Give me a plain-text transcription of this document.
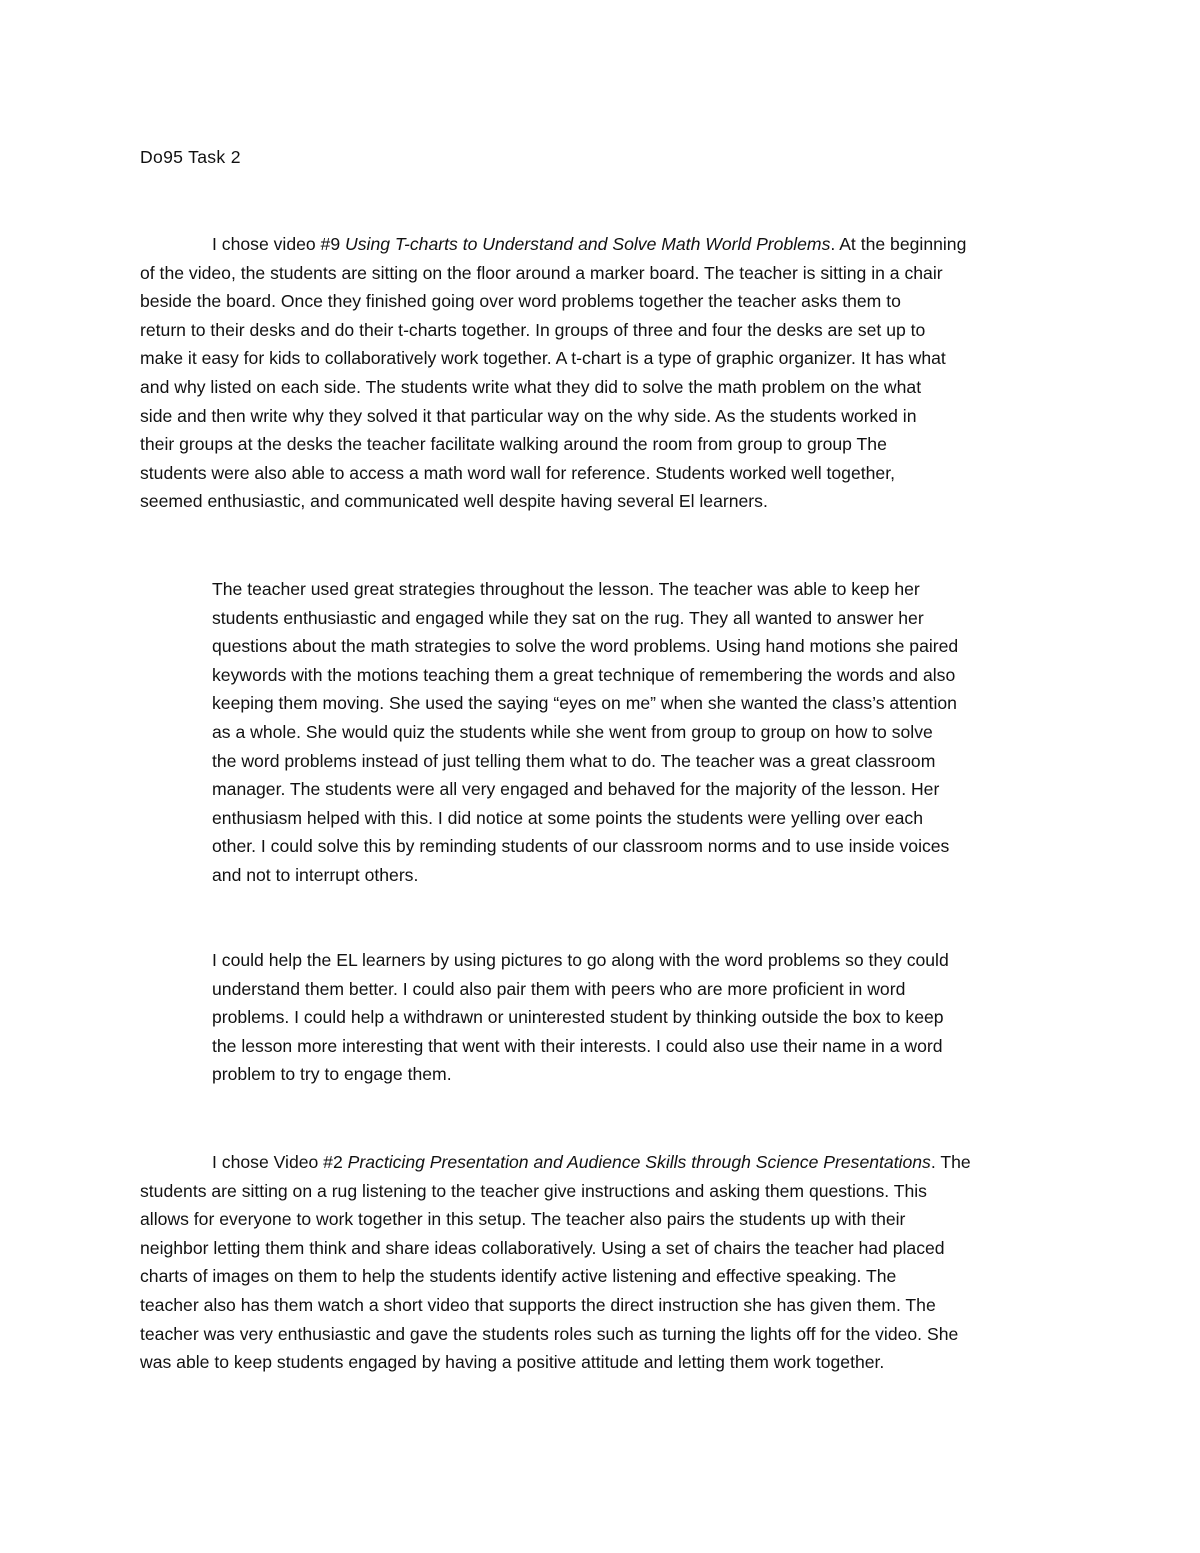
Do95 Task 2
I chose video #9 Using T-charts to Understand and Solve Math World Problems. At the beginning
of the video, the students are sitting on the floor around a marker board. The teacher is sitting in a chair
beside the board. Once they finished going over word problems together the teacher asks them to
return to their desks and do their t-charts together. In groups of three and four the desks are set up to
make it easy for kids to collaboratively work together. A t-chart is a type of graphic organizer. It has what
and why listed on each side. The students write what they did to solve the math problem on the what
side and then write why they solved it that particular way on the why side. As the students worked in
their groups at the desks the teacher facilitate walking around the room from group to group The
students were also able to access a math word wall for reference. Students worked well together,
seemed enthusiastic, and communicated well despite having several El learners.
The teacher used great strategies throughout the lesson. The teacher was able to keep her
students enthusiastic and engaged while they sat on the rug. They all wanted to answer her
questions about the math strategies to solve the word problems. Using hand motions she paired
keywords with the motions teaching them a great technique of remembering the words and also
keeping them moving. She used the saying “eyes on me” when she wanted the class’s attention
as a whole. She would quiz the students while she went from group to group on how to solve
the word problems instead of just telling them what to do. The teacher was a great classroom
manager. The students were all very engaged and behaved for the majority of the lesson. Her
enthusiasm helped with this. I did notice at some points the students were yelling over each
other. I could solve this by reminding students of our classroom norms and to use inside voices
and not to interrupt others.
I could help the EL learners by using pictures to go along with the word problems so they could
understand them better. I could also pair them with peers who are more proficient in word
problems. I could help a withdrawn or uninterested student by thinking outside the box to keep
the lesson more interesting that went with their interests. I could also use their name in a word
problem to try to engage them.
I chose Video #2 Practicing Presentation and Audience Skills through Science Presentations. The
students are sitting on a rug listening to the teacher give instructions and asking them questions. This
allows for everyone to work together in this setup. The teacher also pairs the students up with their
neighbor letting them think and share ideas collaboratively. Using a set of chairs the teacher had placed
charts of images on them to help the students identify active listening and effective speaking. The
teacher also has them watch a short video that supports the direct instruction she has given them. The
teacher was very enthusiastic and gave the students roles such as turning the lights off for the video. She
was able to keep students engaged by having a positive attitude and letting them work together.
